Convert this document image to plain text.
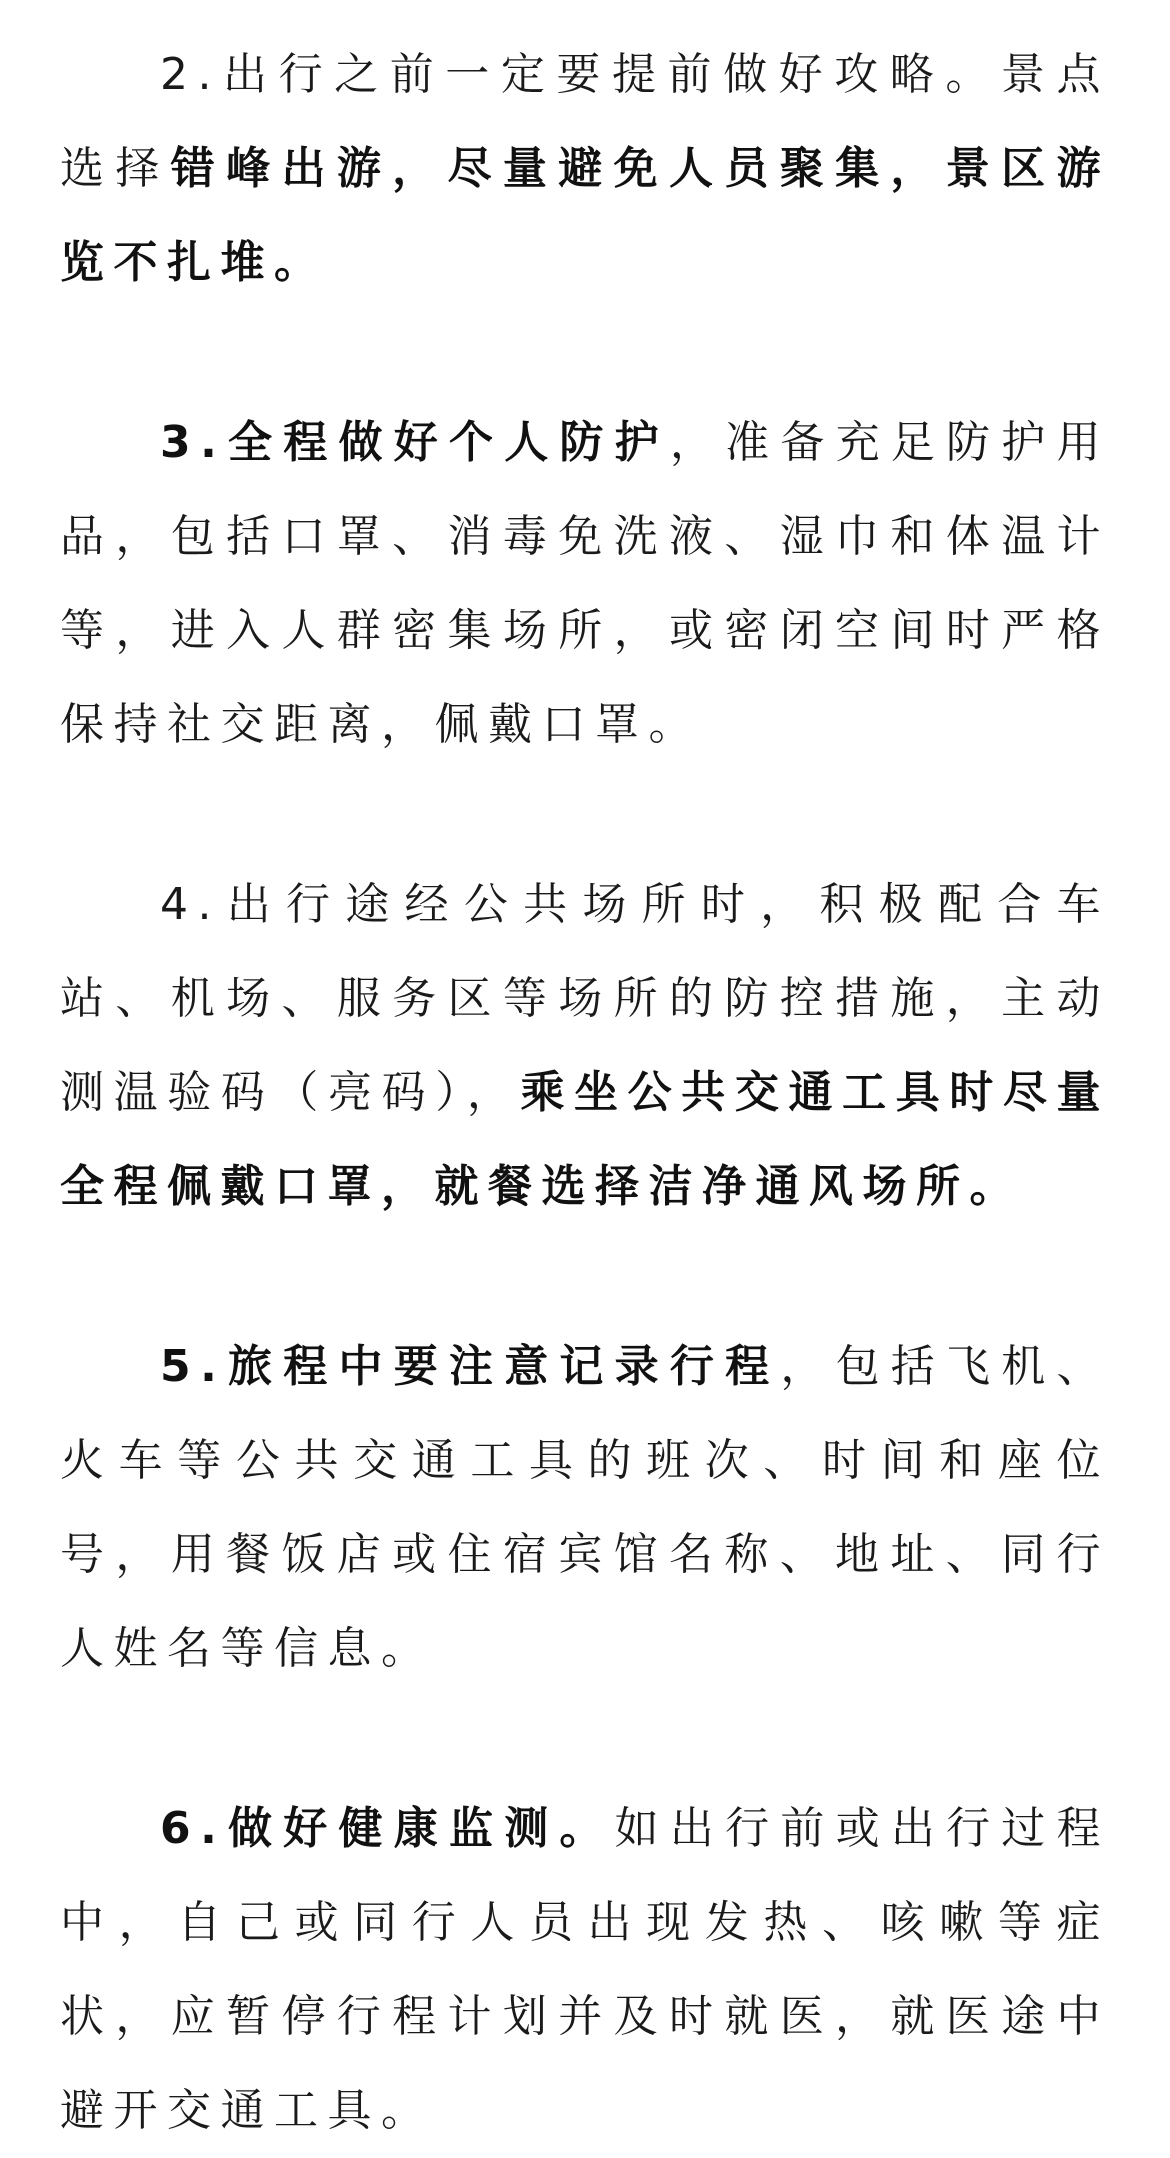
2.出行之前一定要提前做好攻略。景点选择错峰出游，尽量避免人员聚集，景区游览不扎堆。

3.全程做好个人防护，准备充足防护用品，包括口罩、消毒免洗液、湿巾和体温计等，进入人群密集场所，或密闭空间时严格保持社交距离，佩戴口罩。

4.出行途经公共场所时，积极配合车站、机场、服务区等场所的防控措施，主动测温验码（亮码），乘坐公共交通工具时尽量全程佩戴口罩，就餐选择洁净通风场所。

5.旅程中要注意记录行程，包括飞机、火车等公共交通工具的班次、时间和座位号，用餐饭店或住宿宾馆名称、地址、同行人姓名等信息。

6.做好健康监测。如出行前或出行过程中，自己或同行人员出现发热、咳嗽等症状，应暂停行程计划并及时就医，就医途中避开交通工具。
